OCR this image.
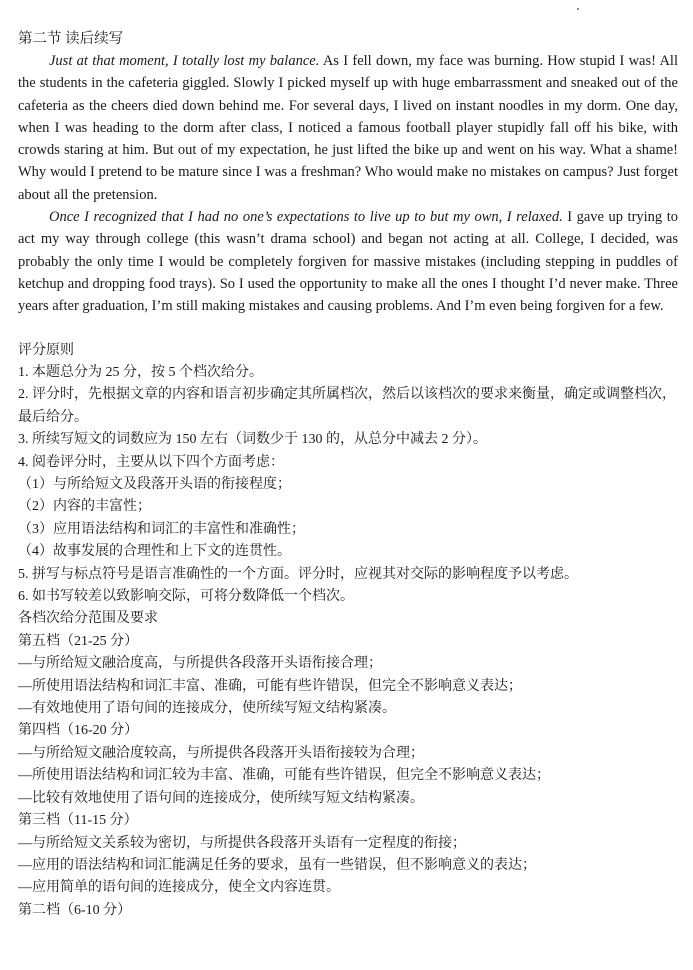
第二节 读后续写

Just at that moment, I totally lost my balance. As I fell down, my face was burning. How stupid I was! All the students in the cafeteria giggled. Slowly I picked myself up with huge embarrassment and sneaked out of the cafeteria as the cheers died down behind me. For several days, I lived on instant noodles in my dorm. One day, when I was heading to the dorm after class, I noticed a famous football player stupidly fall off his bike, with crowds staring at him. But out of my expectation, he just lifted the bike up and went on his way. What a shame! Why would I pretend to be mature since I was a freshman? Who would make no mistakes on campus? Just forget about all the pretension.

Once I recognized that I had no one’s expectations to live up to but my own, I relaxed. I gave up trying to act my way through college (this wasn’t drama school) and began not acting at all. College, I decided, was probably the only time I would be completely forgiven for massive mistakes (including stepping in puddles of ketchup and dropping food trays). So I used the opportunity to make all the ones I thought I’d never make. Three years after graduation, I’m still making mistakes and causing problems. And I’m even being forgiven for a few.

评分原则

1. 本题总分为 25 分，按 5 个档次给分。

2. 评分时，先根据文章的内容和语言初步确定其所属档次，然后以该档次的要求来衡量，确定或调整档次，最后给分。

3. 所续写短文的词数应为 150 左右（词数少于 130 的，从总分中减去 2 分）。

4. 阅卷评分时，主要从以下四个方面考虑：

（1）与所给短文及段落开头语的衔接程度；

（2）内容的丰富性；

（3）应用语法结构和词汇的丰富性和准确性；

（4）故事发展的合理性和上下文的连贯性。

5. 拼写与标点符号是语言准确性的一个方面。评分时，应视其对交际的影响程度予以考虑。

6. 如书写较差以致影响交际，可将分数降低一个档次。

各档次给分范围及要求

第五档（21-25 分）

—与所给短文融洽度高，与所提供各段落开头语衔接合理；

—所使用语法结构和词汇丰富、准确，可能有些许错误，但完全不影响意义表达；

—有效地使用了语句间的连接成分，使所续写短文结构紧凑。

第四档（16-20 分）

—与所给短文融洽度较高，与所提供各段落开头语衔接较为合理；

—所使用语法结构和词汇较为丰富、准确，可能有些许错误，但完全不影响意义表达；

—比较有效地使用了语句间的连接成分，使所续写短文结构紧凑。

第三档（11-15 分）

—与所给短文关系较为密切，与所提供各段落开头语有一定程度的衔接；

—应用的语法结构和词汇能满足任务的要求，虽有一些错误，但不影响意义的表达；

—应用简单的语句间的连接成分，使全文内容连贯。

第二档（6-10 分）
